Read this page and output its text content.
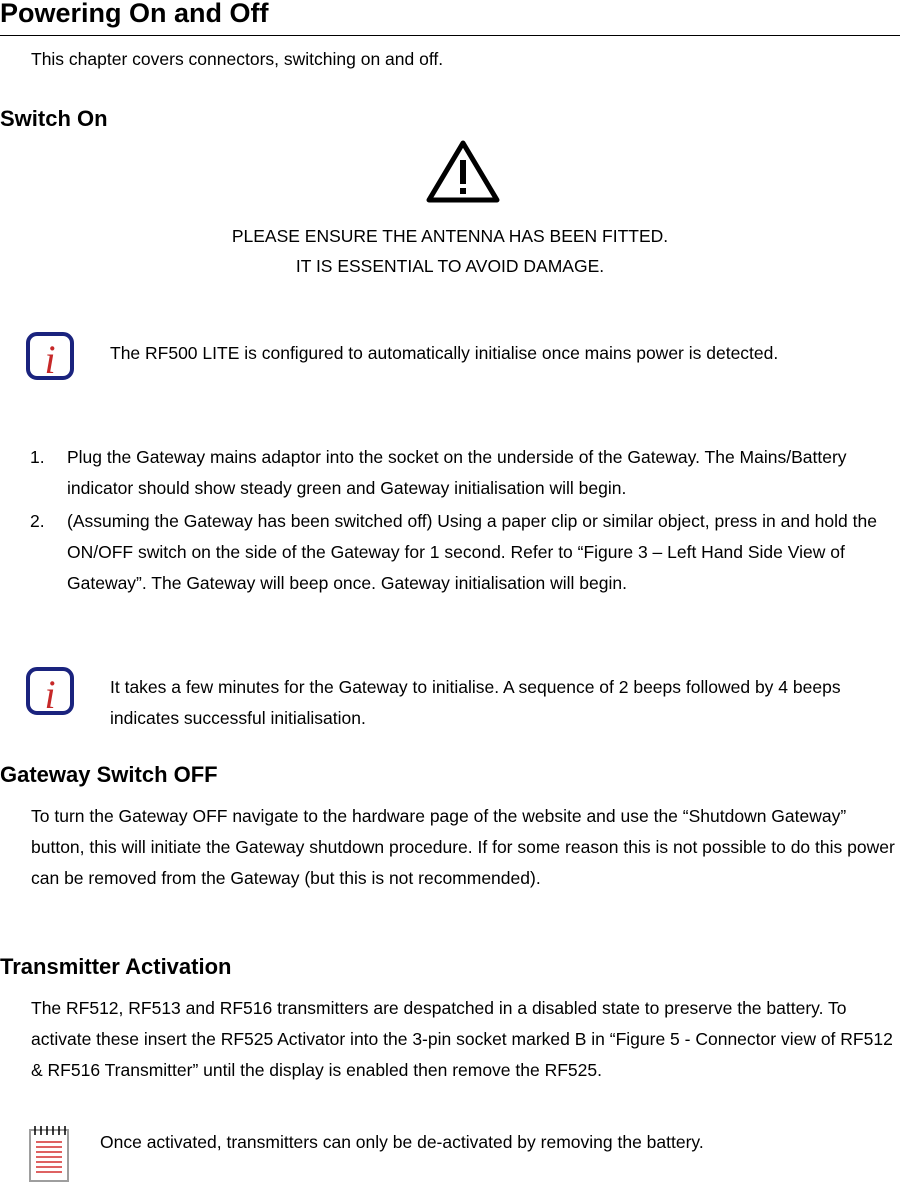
Powering On and Off
This chapter covers connectors, switching on and off.
Switch On
PLEASE ENSURE THE ANTENNA HAS BEEN FITTED.
IT IS ESSENTIAL TO AVOID DAMAGE.
i	The RF500 LITE is configured to automatically initialise once mains power is detected.
1. Plug the Gateway mains adaptor into the socket on the underside of the Gateway. The Mains/Battery indicator should show steady green and Gateway initialisation will begin.
2. (Assuming the Gateway has been switched off) Using a paper clip or similar object, press in and hold the ON/OFF switch on the side of the Gateway for 1 second. Refer to “Figure 3 – Left Hand Side View of Gateway”. The Gateway will beep once. Gateway initialisation will begin.
i	It takes a few minutes for the Gateway to initialise. A sequence of 2 beeps followed by 4 beeps indicates successful initialisation.
Gateway Switch OFF
To turn the Gateway OFF navigate to the hardware page of the website and use the “Shutdown Gateway” button, this will initiate the Gateway shutdown procedure. If for some reason this is not possible to do this power can be removed from the Gateway (but this is not recommended).
Transmitter Activation
The RF512, RF513 and RF516 transmitters are despatched in a disabled state to preserve the battery. To activate these insert the RF525 Activator into the 3-pin socket marked B in “Figure 5 - Connector view of RF512 & RF516 Transmitter” until the display is enabled then remove the RF525.
Once activated, transmitters can only be de-activated by removing the battery.
